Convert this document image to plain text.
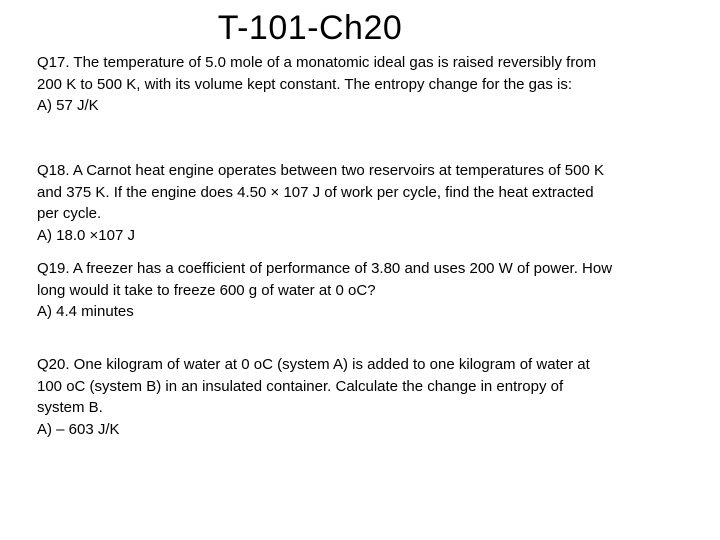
T-101-Ch20

Q17. The temperature of 5.0 mole of a monatomic ideal gas is raised reversibly from

200 K to 500 K, with its volume kept constant. The entropy change for the gas is:

A) 57 J/K

Q18. A Carnot heat engine operates between two reservoirs at temperatures of 500 K

and 375 K. If the engine does 4.50 × 107 J of work per cycle, find the heat extracted

per cycle.

A) 18.0 ×107 J

Q19. A freezer has a coefficient of performance of 3.80 and uses 200 W of power. How

long would it take to freeze 600 g of water at 0 oC?

A) 4.4 minutes

Q20. One kilogram of water at 0 oC (system A) is added to one kilogram of water at

100 oC (system B) in an insulated container. Calculate the change in entropy of

system B.

A) – 603 J/K
